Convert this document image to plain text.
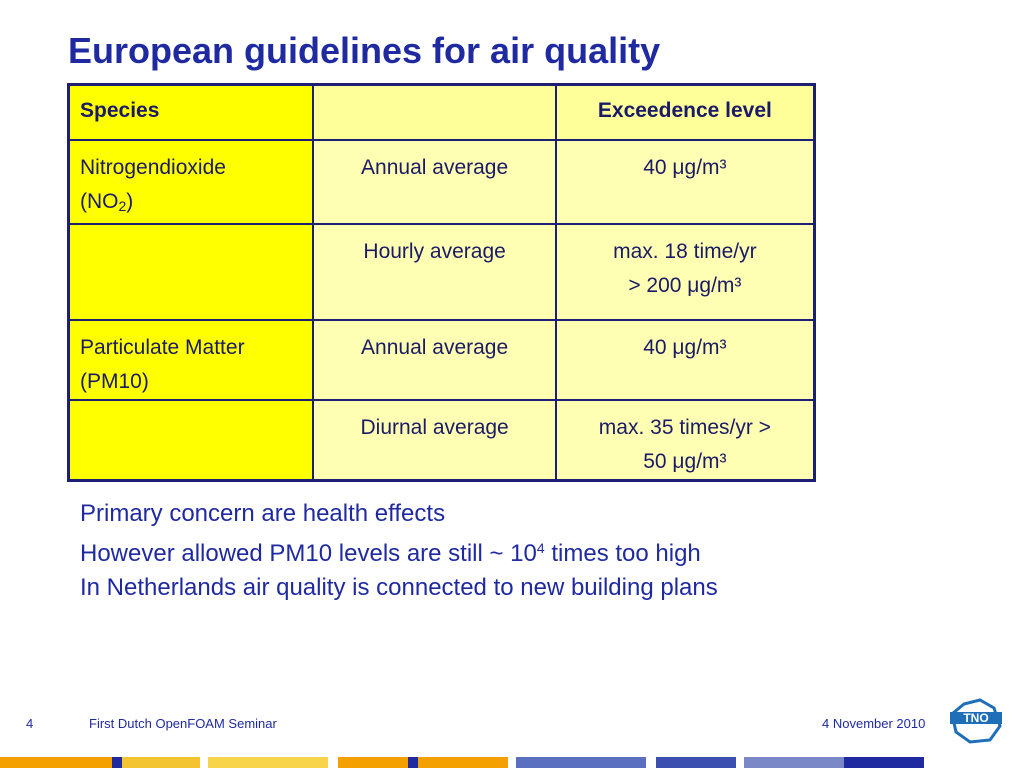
European guidelines for air quality
Species		Exceedence level

Nitrogendioxide
$(NO_2)$	Annual average	40 μg/m³

	Hourly average	max. 18 time/yr
> 200 μg/m³

Particulate Matter
(PM10)	Annual average	40 μg/m³

	Diurnal average	max. 35 times/yr >
50 μg/m³
Primary concern are health effects
However allowed PM10 levels are still ~ $10^4$ times too high
In Netherlands air quality is connected to new building plans
4	First Dutch OpenFOAM Seminar	4 November 2010	TNO
